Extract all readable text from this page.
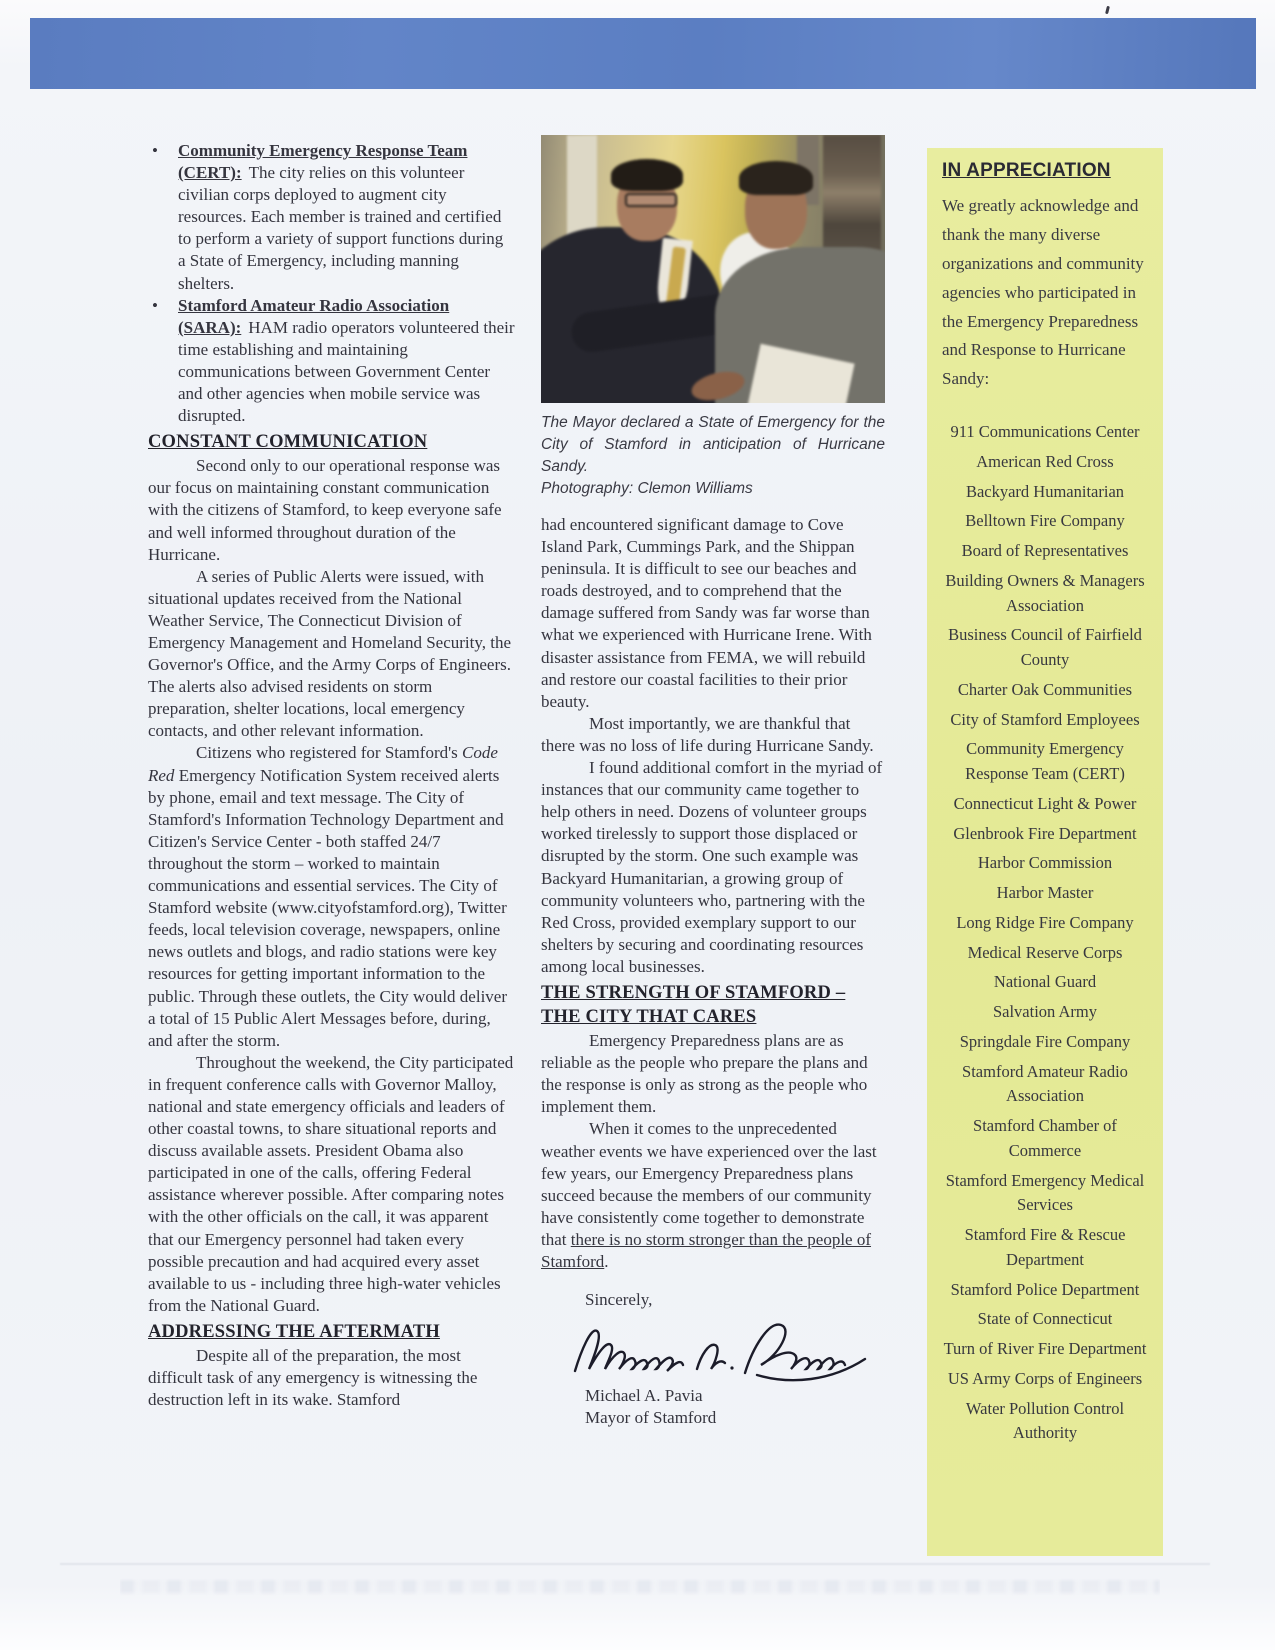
• Community Emergency Response Team (CERT): The city relies on this volunteer civilian corps deployed to augment city resources. Each member is trained and certified to perform a variety of support functions during a State of Emergency, including manning shelters.
• Stamford Amateur Radio Association (SARA): HAM radio operators volunteered their time establishing and maintaining communications between Government Center and other agencies when mobile service was disrupted.
CONSTANT COMMUNICATION

Second only to our operational response was our focus on maintaining constant communication with the citizens of Stamford, to keep everyone safe and well informed throughout duration of the Hurricane.

A series of Public Alerts were issued, with situational updates received from the National Weather Service, The Connecticut Division of Emergency Management and Homeland Security, the Governor's Office, and the Army Corps of Engineers. The alerts also advised residents on storm preparation, shelter locations, local emergency contacts, and other relevant information.

Citizens who registered for Stamford's Code Red Emergency Notification System received alerts by phone, email and text message. The City of Stamford's Information Technology Department and Citizen's Service Center - both staffed 24/7 throughout the storm – worked to maintain communications and essential services. The City of Stamford website (www.cityofstamford.org), Twitter feeds, local television coverage, newspapers, online news outlets and blogs, and radio stations were key resources for getting important information to the public. Through these outlets, the City would deliver a total of 15 Public Alert Messages before, during, and after the storm.

Throughout the weekend, the City participated in frequent conference calls with Governor Malloy, national and state emergency officials and leaders of other coastal towns, to share situational reports and discuss available assets. President Obama also participated in one of the calls, offering Federal assistance wherever possible. After comparing notes with the other officials on the call, it was apparent that our Emergency personnel had taken every possible precaution and had acquired every asset available to us - including three high-water vehicles from the National Guard.

ADDRESSING THE AFTERMATH

Despite all of the preparation, the most difficult task of any emergency is witnessing the destruction left in its wake. Stamford

The Mayor declared a State of Emergency for the City of Stamford in anticipation of Hurricane Sandy.
Photography: Clemon Williams

had encountered significant damage to Cove Island Park, Cummings Park, and the Shippan peninsula. It is difficult to see our beaches and roads destroyed, and to comprehend that the damage suffered from Sandy was far worse than what we experienced with Hurricane Irene. With disaster assistance from FEMA, we will rebuild and restore our coastal facilities to their prior beauty.

Most importantly, we are thankful that there was no loss of life during Hurricane Sandy.

I found additional comfort in the myriad of instances that our community came together to help others in need. Dozens of volunteer groups worked tirelessly to support those displaced or disrupted by the storm. One such example was Backyard Humanitarian, a growing group of community volunteers who, partnering with the Red Cross, provided exemplary support to our shelters by securing and coordinating resources among local businesses.

THE STRENGTH OF STAMFORD – THE CITY THAT CARES

Emergency Preparedness plans are as reliable as the people who prepare the plans and the response is only as strong as the people who implement them.

When it comes to the unprecedented weather events we have experienced over the last few years, our Emergency Preparedness plans succeed because the members of our community have consistently come together to demonstrate that there is no storm stronger than the people of Stamford.

Sincerely,

Michael A. Pavia

Mayor of Stamford

IN APPRECIATION
We greatly acknowledge and thank the many diverse organizations and community agencies who participated in the Emergency Preparedness and Response to Hurricane Sandy:
911 Communications Center
American Red Cross
Backyard Humanitarian
Belltown Fire Company
Board of Representatives
Building Owners & Managers Association
Business Council of Fairfield County
Charter Oak Communities
City of Stamford Employees
Community Emergency Response Team (CERT)
Connecticut Light & Power
Glenbrook Fire Department
Harbor Commission
Harbor Master
Long Ridge Fire Company
Medical Reserve Corps
National Guard
Salvation Army
Springdale Fire Company
Stamford Amateur Radio Association
Stamford Chamber of Commerce
Stamford Emergency Medical Services
Stamford Fire & Rescue Department
Stamford Police Department
State of Connecticut
Turn of River Fire Department
US Army Corps of Engineers
Water Pollution Control Authority
